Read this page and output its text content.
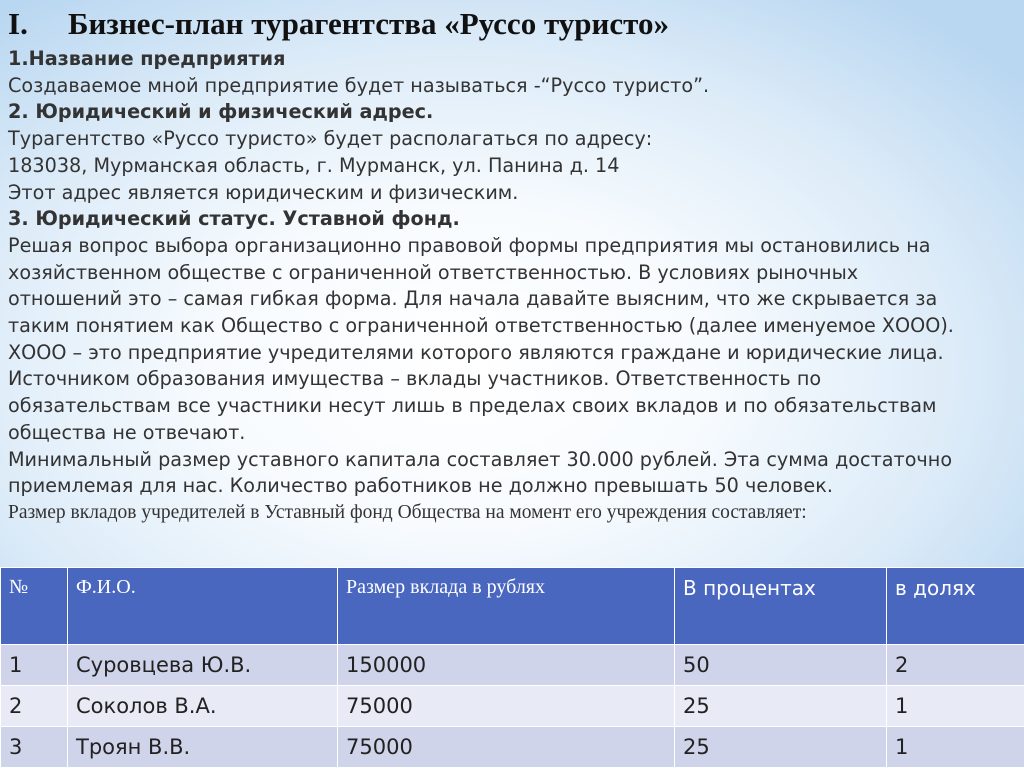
I. Бизнес-план турагентства «Руссо туристо»
1.Название предприятия
Создаваемое мной предприятие будет называться -“Руссо туристо”.
2. Юридический и физический адрес.
Турагентство «Руссо туристо» будет располагаться по адресу:
183038, Мурманская область, г. Мурманск, ул. Панина д. 14
Этот адрес является юридическим и физическим.
3. Юридический статус. Уставной фонд.
Решая вопрос выбора организационно правовой формы предприятия мы остановились на
хозяйственном обществе с ограниченной ответственностью. В условиях рыночных
отношений это – самая гибкая форма. Для начала давайте выясним, что же скрывается за
таким понятием как Общество с ограниченной ответственностью (далее именуемое ХООО).
ХООО – это предприятие учредителями которого являются граждане и юридические лица.
Источником образования имущества – вклады участников. Ответственность по
обязательствам все участники несут лишь в пределах своих вкладов и по обязательствам
общества не отвечают.
Минимальный размер уставного капитала составляет 30.000 рублей. Эта сумма достаточно
приемлемая для нас. Количество работников не должно превышать 50 человек.
Размер вкладов учредителей в Уставный фонд Общества на момент его учреждения составляет:
№	Ф.И.О.	Размер вклада в рублях	В процентах	в долях
1	Суровцева Ю.В.	150000	50	2
2	Соколов В.А.	75000	25	1
3	Троян В.В.	75000	25	1
